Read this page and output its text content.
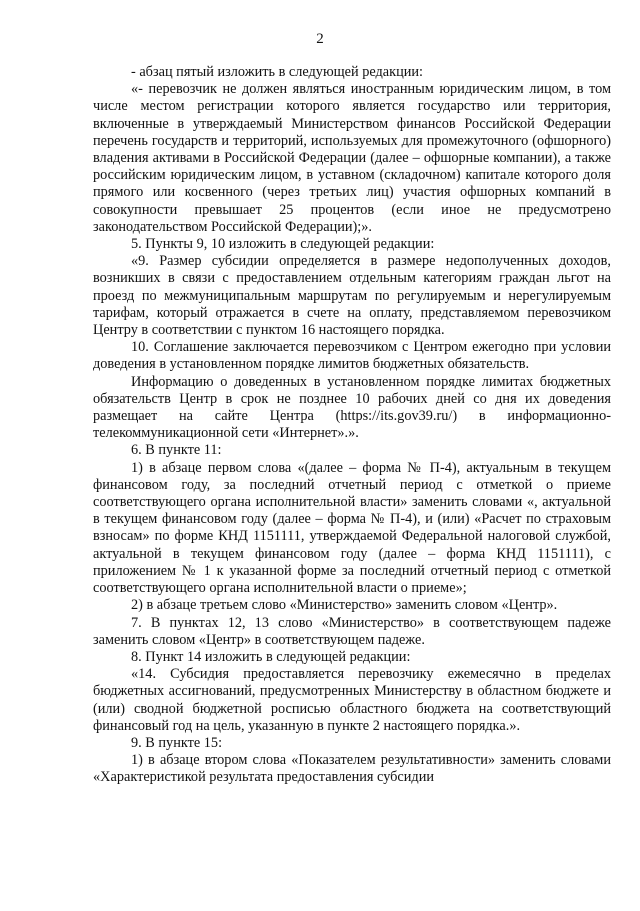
2

- абзац пятый изложить в следующей редакции:

«- перевозчик не должен являться иностранным юридическим лицом, в том числе местом регистрации которого является государство или территория, включенные в утверждаемый Министерством финансов Российской Федерации перечень государств и территорий, используемых для промежуточного (офшорного) владения активами в Российской Федерации (далее – офшорные компании), а также российским юридическим лицом, в уставном (складочном) капитале которого доля прямого или косвенного (через третьих лиц) участия офшорных компаний в совокупности превышает 25 процентов (если иное не предусмотрено законодательством Российской Федерации);».

5. Пункты 9, 10 изложить в следующей редакции:

«9. Размер субсидии определяется в размере недополученных доходов, возникших в связи с предоставлением отдельным категориям граждан льгот на проезд по межмуниципальным маршрутам по регулируемым и нерегулируемым тарифам, который отражается в счете на оплату, представляемом перевозчиком Центру в соответствии с пунктом 16 настоящего порядка.

10. Соглашение заключается перевозчиком с Центром ежегодно при условии доведения в установленном порядке лимитов бюджетных обязательств.

Информацию о доведенных в установленном порядке лимитах бюджетных обязательств Центр в срок не позднее 10 рабочих дней со дня их доведения размещает на сайте Центра (https://its.gov39.ru/) в информационно-телекоммуникационной сети «Интернет».».

6. В пункте 11:

1) в абзаце первом слова «(далее – форма № П-4), актуальным в текущем финансовом году, за последний отчетный период с отметкой о приеме соответствующего органа исполнительной власти» заменить словами «, актуальной в текущем финансовом году (далее – форма № П-4), и (или) «Расчет по страховым взносам» по форме КНД 1151111, утверждаемой Федеральной налоговой службой, актуальной в текущем финансовом году (далее – форма КНД 1151111), с приложением № 1 к указанной форме за последний отчетный период с отметкой соответствующего органа исполнительной власти о приеме»;

2) в абзаце третьем слово «Министерство» заменить словом «Центр».

7. В пунктах 12, 13 слово «Министерство» в соответствующем падеже заменить словом «Центр» в соответствующем падеже.

8. Пункт 14 изложить в следующей редакции:

«14. Субсидия предоставляется перевозчику ежемесячно в пределах бюджетных ассигнований, предусмотренных Министерству в областном бюджете и (или) сводной бюджетной росписью областного бюджета на соответствующий финансовый год на цель, указанную в пункте 2 настоящего порядка.».

9. В пункте 15:

1) в абзаце втором слова «Показателем результативности» заменить словами «Характеристикой результата предоставления субсидии
